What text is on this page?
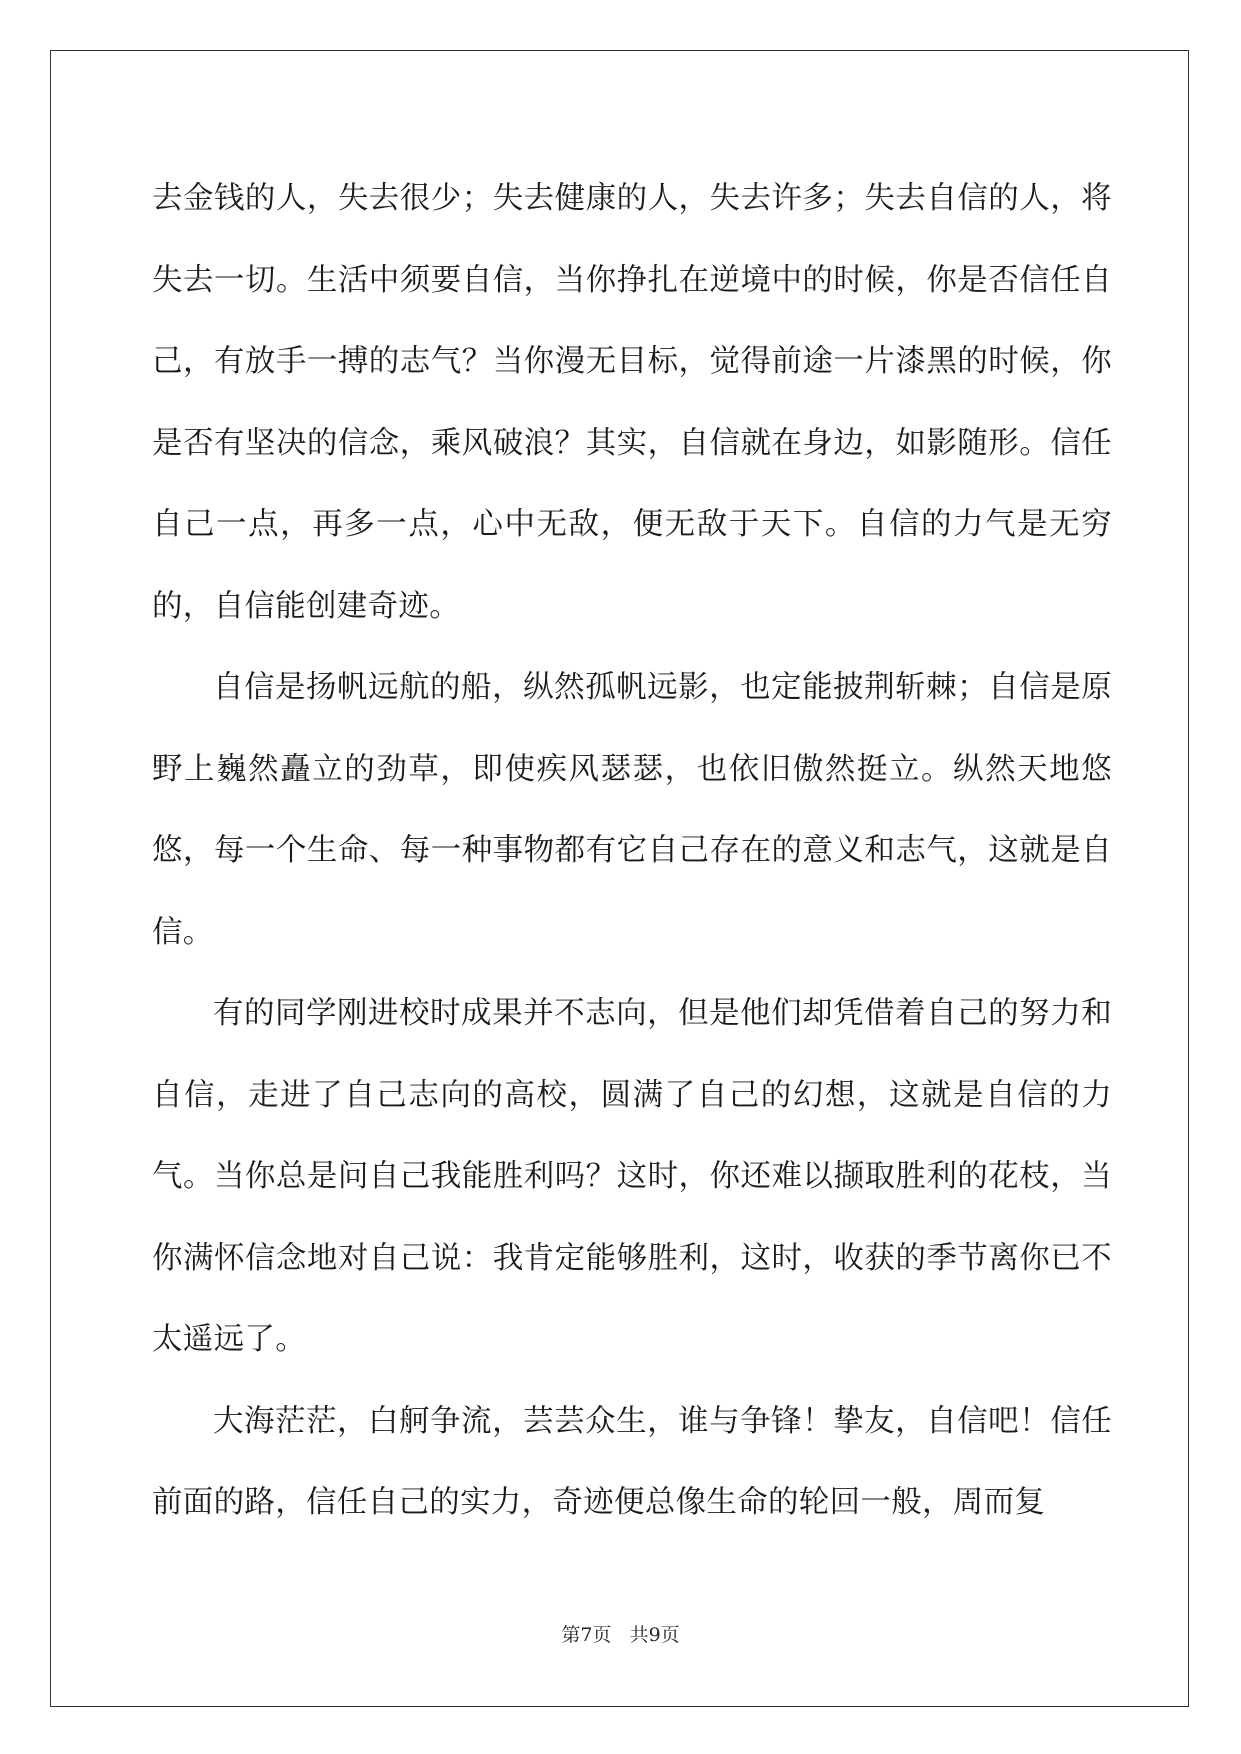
去金钱的人，失去很少；失去健康的人，失去许多；失去自信的人，将失去一切。生活中须要自信，当你挣扎在逆境中的时候，你是否信任自己，有放手一搏的志气？当你漫无目标，觉得前途一片漆黑的时候，你是否有坚决的信念，乘风破浪？其实，自信就在身边，如影随形。信任自己一点，再多一点，心中无敌，便无敌于天下。自信的力气是无穷的，自信能创建奇迹。

自信是扬帆远航的船，纵然孤帆远影，也定能披荆斩棘；自信是原野上巍然矗立的劲草，即使疾风瑟瑟，也依旧傲然挺立。纵然天地悠悠，每一个生命、每一种事物都有它自己存在的意义和志气，这就是自信。

有的同学刚进校时成果并不志向，但是他们却凭借着自己的努力和自信，走进了自己志向的高校，圆满了自己的幻想，这就是自信的力气。当你总是问自己我能胜利吗？这时，你还难以撷取胜利的花枝，当你满怀信念地对自己说：我肯定能够胜利，这时，收获的季节离你已不太遥远了。

大海茫茫，白舸争流，芸芸众生，谁与争锋！挚友，自信吧！信任前面的路，信任自己的实力，奇迹便总像生命的轮回一般，周而复

第7页 共9页
